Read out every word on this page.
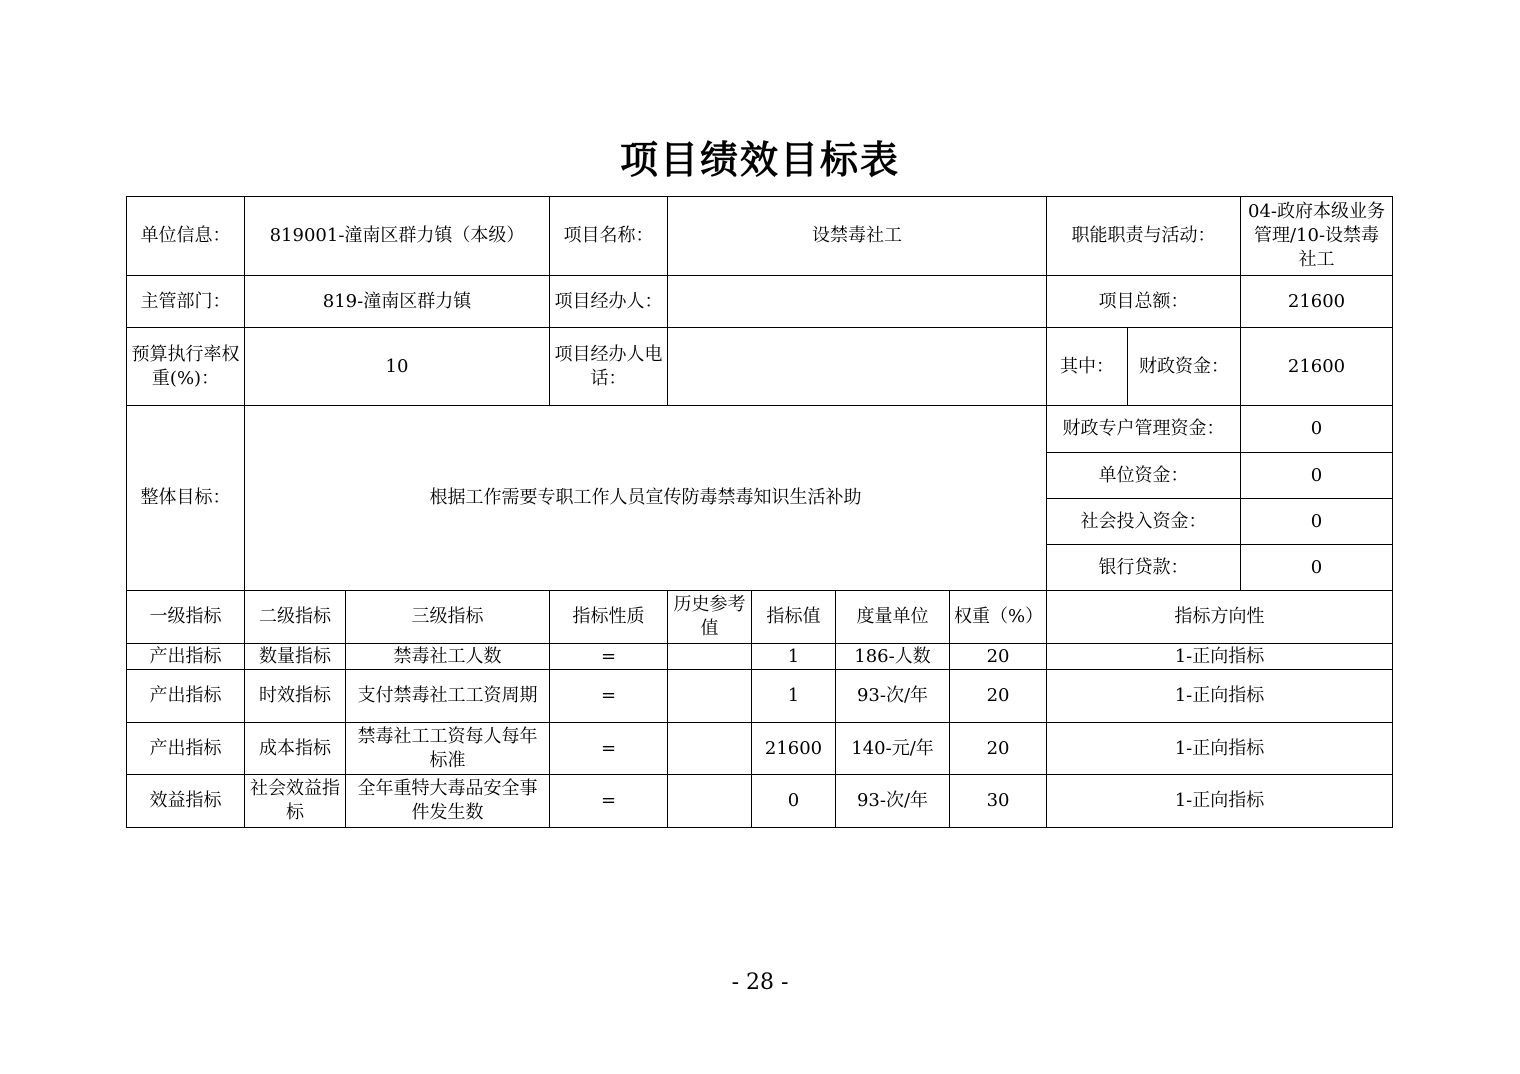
项目绩效目标表
单位信息：	819001-潼南区群力镇（本级）		项目名称：	设禁毒社工				职能职责与活动：		04-政府本级业务管理/10-设禁毒社工
主管部门：	819-潼南区群力镇		项目经办人：					项目总额：		21600
预算执行率权重(%)：	10		项目经办人电话：					其中：	财政资金：	21600
整体目标：	根据工作需要专职工作人员宣传防毒禁毒知识生活补助							财政专户管理资金：		0
								单位资金：		0
								社会投入资金：		0
								银行贷款：		0
一级指标	二级指标	三级指标	指标性质	历史参考值	指标值	度量单位	权重（%）	指标方向性		
产出指标	数量指标	禁毒社工人数	=		1	186-人数	20	1-正向指标		
产出指标	时效指标	支付禁毒社工工资周期	=		1	93-次/年	20	1-正向指标		
产出指标	成本指标	禁毒社工工资每人每年标准	=		21600	140-元/年	20	1-正向指标		
效益指标	社会效益指标	全年重特大毒品安全事件发生数	=		0	93-次/年	30	1-正向指标		
- 28 -
